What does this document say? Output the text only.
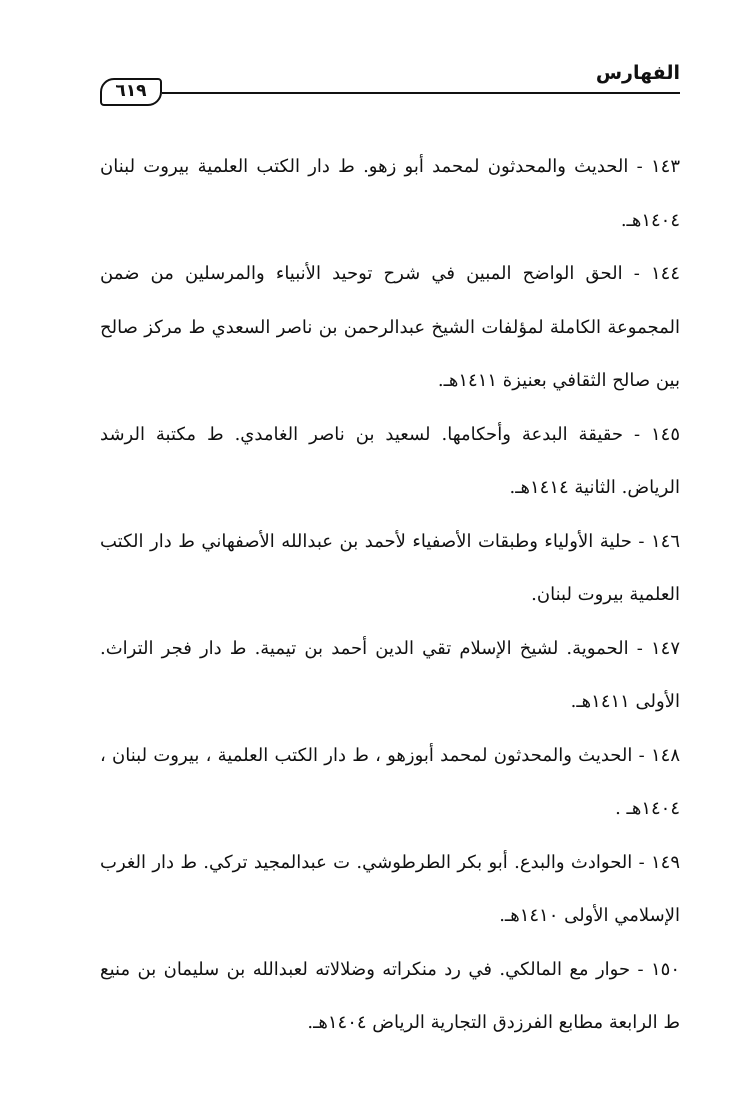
الفهارس
٦١٩

١٤٣ - الحديث والمحدثون لمحمد أبو زهو. ط دار الكتب العلمية بيروت لبنان ١٤٠٤هـ.

١٤٤ - الحق الواضح المبين في شرح توحيد الأنبياء والمرسلين من ضمن المجموعة الكاملة لمؤلفات الشيخ عبدالرحمن بن ناصر السعدي ط مركز صالح بين صالح الثقافي بعنيزة ١٤١١هـ.

١٤٥ - حقيقة البدعة وأحكامها. لسعيد بن ناصر الغامدي. ط مكتبة الرشد الرياض. الثانية ١٤١٤هـ.

١٤٦ - حلية الأولياء وطبقات الأصفياء لأحمد بن عبدالله الأصفهاني ط دار الكتب العلمية بيروت لبنان.

١٤٧ - الحموية. لشيخ الإسلام تقي الدين أحمد بن تيمية. ط دار فجر التراث. الأولى ١٤١١هـ.

١٤٨ - الحديث والمحدثون لمحمد أبوزهو ، ط دار الكتب العلمية ، بيروت لبنان ، ١٤٠٤هـ .

١٤٩ - الحوادث والبدع. أبو بكر الطرطوشي. ت عبدالمجيد تركي. ط دار الغرب الإسلامي الأولى ١٤١٠هـ.

١٥٠ - حوار مع المالكي. في رد منكراته وضلالاته لعبدالله بن سليمان بن منيع ط الرابعة مطابع الفرزدق التجارية الرياض ١٤٠٤هـ.
